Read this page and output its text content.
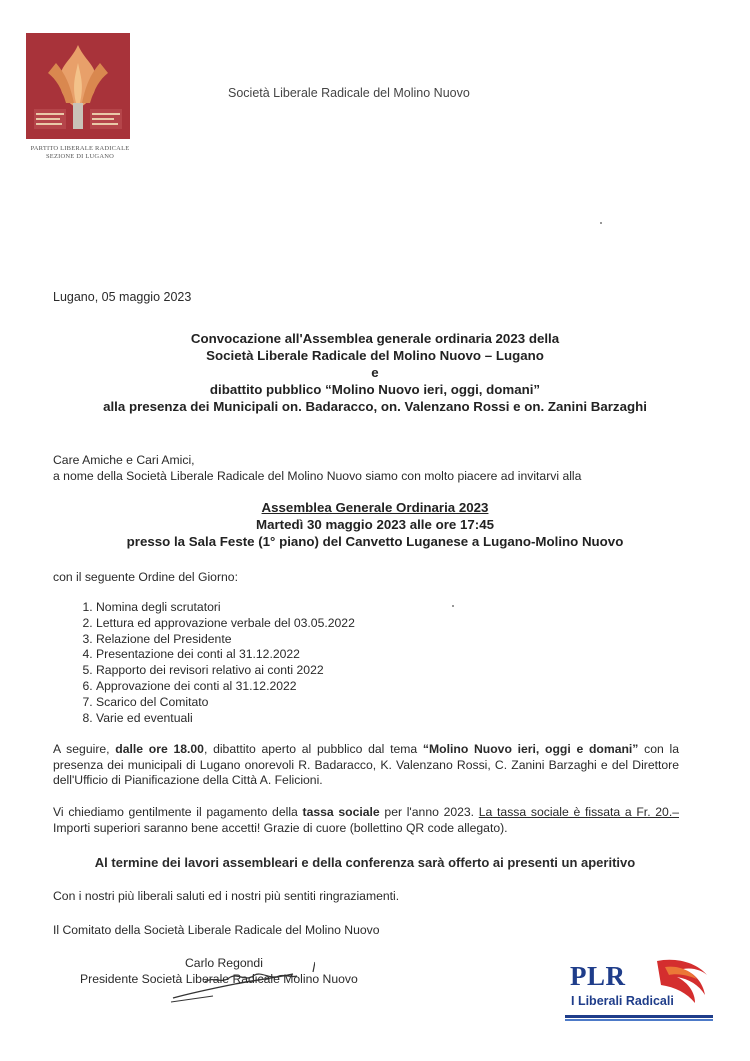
PARTITO LIBERALE RADICALE
SEZIONE DI LUGANO
Società Liberale Radicale del Molino Nuovo
Lugano, 05 maggio 2023
Convocazione all'Assemblea generale ordinaria 2023 della
Società Liberale Radicale del Molino Nuovo – Lugano
e
dibattito pubblico “Molino Nuovo ieri, oggi, domani”
alla presenza dei Municipali on. Badaracco, on. Valenzano Rossi e on. Zanini Barzaghi
Care Amiche e Cari Amici,
a nome della Società Liberale Radicale del Molino Nuovo siamo con molto piacere ad invitarvi alla
Assemblea Generale Ordinaria 2023
Martedì 30 maggio 2023 alle ore 17:45
presso la Sala Feste (1° piano) del Canvetto Luganese a Lugano-Molino Nuovo
con il seguente Ordine del Giorno:
1. Nomina degli scrutatori
2. Lettura ed approvazione verbale del 03.05.2022
3. Relazione del Presidente
4. Presentazione dei conti al 31.12.2022
5. Rapporto dei revisori relativo ai conti 2022
6. Approvazione dei conti al 31.12.2022
7. Scarico del Comitato
8. Varie ed eventuali
A seguire, dalle ore 18.00, dibattito aperto al pubblico dal tema “Molino Nuovo ieri, oggi e domani” con la presenza dei municipali di Lugano onorevoli R. Badaracco, K. Valenzano Rossi, C. Zanini Barzaghi e del Direttore dell'Ufficio di Pianificazione della Città A. Felicioni.
Vi chiediamo gentilmente il pagamento della tassa sociale per l'anno 2023. La tassa sociale è fissata a Fr. 20.– Importi superiori saranno bene accetti! Grazie di cuore (bollettino QR code allegato).
Al termine dei lavori assembleari e della conferenza sarà offerto ai presenti un aperitivo
Con i nostri più liberali saluti ed i nostri più sentiti ringraziamenti.
Il Comitato della Società Liberale Radicale del Molino Nuovo
Carlo Regondi
Presidente Società Liberale Radicale Molino Nuovo	PLR
I Liberali Radicali
